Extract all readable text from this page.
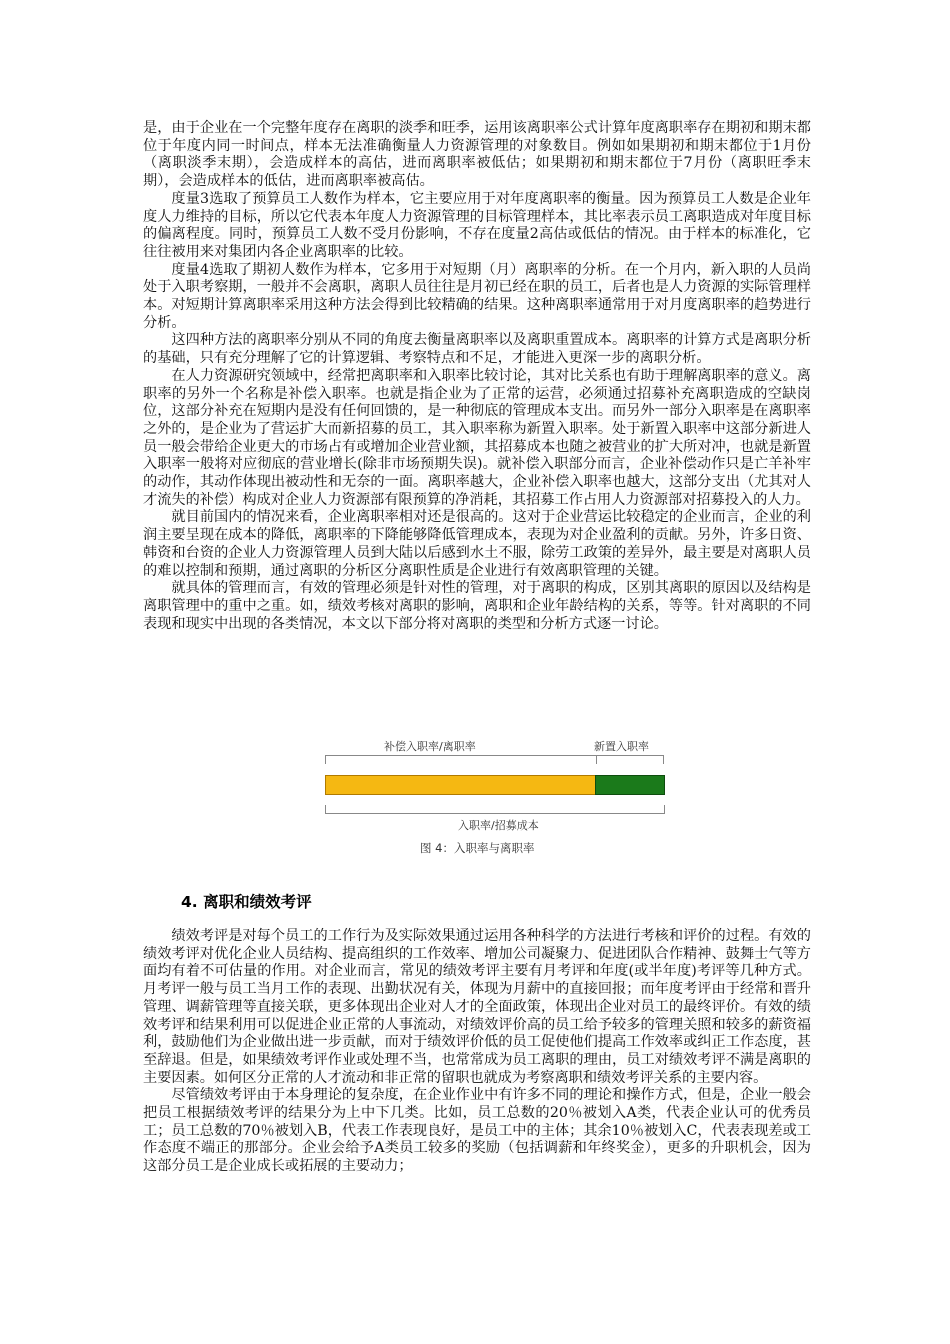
是，由于企业在一个完整年度存在离职的淡季和旺季，运用该离职率公式计算年度离职率存在期初和期末都位于年度内同一时间点，样本无法准确衡量人力资源管理的对象数目。例如如果期初和期末都位于1月份（离职淡季末期），会造成样本的高估，进而离职率被低估；如果期初和期末都位于7月份（离职旺季末期），会造成样本的低估，进而离职率被高估。

度量3选取了预算员工人数作为样本，它主要应用于对年度离职率的衡量。因为预算员工人数是企业年度人力维持的目标，所以它代表本年度人力资源管理的目标管理样本，其比率表示员工离职造成对年度目标的偏离程度。同时，预算员工人数不受月份影响，不存在度量2高估或低估的情况。由于样本的标准化，它往往被用来对集团内各企业离职率的比较。

度量4选取了期初人数作为样本，它多用于对短期（月）离职率的分析。在一个月内，新入职的人员尚处于入职考察期，一般并不会离职，离职人员往往是月初已经在职的员工，后者也是人力资源的实际管理样本。对短期计算离职率采用这种方法会得到比较精确的结果。这种离职率通常用于对月度离职率的趋势进行分析。

这四种方法的离职率分别从不同的角度去衡量离职率以及离职重置成本。离职率的计算方式是离职分析的基础，只有充分理解了它的计算逻辑、考察特点和不足，才能进入更深一步的离职分析。

在人力资源研究领域中，经常把离职率和入职率比较讨论，其对比关系也有助于理解离职率的意义。离职率的另外一个名称是补偿入职率。也就是指企业为了正常的运营，必须通过招募补充离职造成的空缺岗位，这部分补充在短期内是没有任何回馈的，是一种彻底的管理成本支出。而另外一部分入职率是在离职率之外的，是企业为了营运扩大而新招募的员工，其入职率称为新置入职率。处于新置入职率中这部分新进人员一般会带给企业更大的市场占有或增加企业营业额，其招募成本也随之被营业的扩大所对冲，也就是新置入职率一般将对应彻底的营业增长(除非市场预期失误)。就补偿入职部分而言，企业补偿动作只是亡羊补牢的动作，其动作体现出被动性和无奈的一面。离职率越大，企业补偿入职率也越大，这部分支出（尤其对人才流失的补偿）构成对企业人力资源部有限预算的净消耗，其招募工作占用人力资源部对招募投入的人力。

就目前国内的情况来看，企业离职率相对还是很高的。这对于企业营运比较稳定的企业而言，企业的利润主要呈现在成本的降低，离职率的下降能够降低管理成本，表现为对企业盈利的贡献。另外，许多日资、韩资和台资的企业人力资源管理人员到大陆以后感到水土不服，除劳工政策的差异外，最主要是对离职人员的难以控制和预期，通过离职的分析区分离职性质是企业进行有效离职管理的关键。

就具体的管理而言，有效的管理必须是针对性的管理，对于离职的构成，区别其离职的原因以及结构是离职管理中的重中之重。如，绩效考核对离职的影响，离职和企业年龄结构的关系，等等。针对离职的不同表现和现实中出现的各类情况，本文以下部分将对离职的类型和分析方式逐一讨论。

补偿入职率/离职率	新置入职率
入职率/招募成本
图 4：入职率与离职率
4. 离职和绩效考评

绩效考评是对每个员工的工作行为及实际效果通过运用各种科学的方法进行考核和评价的过程。有效的绩效考评对优化企业人员结构、提高组织的工作效率、增加公司凝聚力、促进团队合作精神、鼓舞士气等方面均有着不可估量的作用。对企业而言，常见的绩效考评主要有月考评和年度(或半年度)考评等几种方式。月考评一般与员工当月工作的表现、出勤状况有关，体现为月薪中的直接回报；而年度考评由于经常和晋升管理、调薪管理等直接关联，更多体现出企业对人才的全面政策，体现出企业对员工的最终评价。有效的绩效考评和结果利用可以促进企业正常的人事流动，对绩效评价高的员工给予较多的管理关照和较多的薪资福利，鼓励他们为企业做出进一步贡献，而对于绩效评价低的员工促使他们提高工作效率或纠正工作态度，甚至辞退。但是，如果绩效考评作业或处理不当，也常常成为员工离职的理由，员工对绩效考评不满是离职的主要因素。如何区分正常的人才流动和非正常的留职也就成为考察离职和绩效考评关系的主要内容。

尽管绩效考评由于本身理论的复杂度，在企业作业中有许多不同的理论和操作方式，但是，企业一般会把员工根据绩效考评的结果分为上中下几类。比如，员工总数的20％被划入A类，代表企业认可的优秀员工；员工总数的70％被划入B，代表工作表现良好，是员工中的主体；其余10％被划入C，代表表现差或工作态度不端正的那部分。企业会给予A类员工较多的奖励（包括调薪和年终奖金），更多的升职机会，因为这部分员工是企业成长或拓展的主要动力；
